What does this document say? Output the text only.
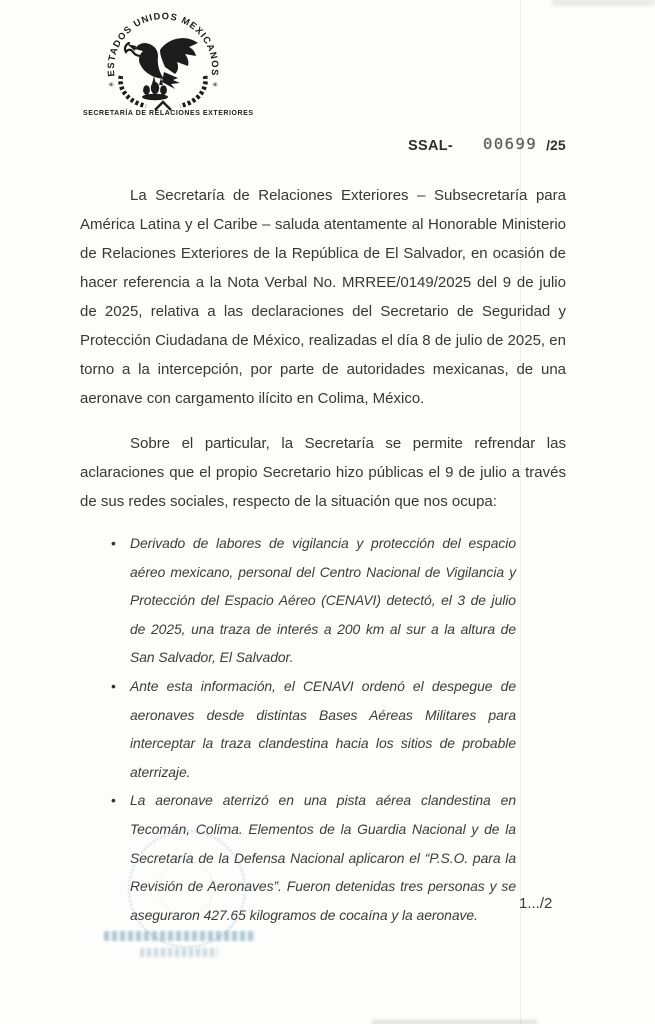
ESTADOS UNIDOS MEXICANOS
✳	✳
SECRETARÍA DE RELACIONES EXTERIORES
SSAL- 00699 /25

La Secretaría de Relaciones Exteriores – Subsecretaría para América Latina y el Caribe – saluda atentamente al Honorable Ministerio de Relaciones Exteriores de la República de El Salvador, en ocasión de hacer referencia a la Nota Verbal No. MRREE/0149/2025 del 9 de julio de 2025, relativa a las declaraciones del Secretario de Seguridad y Protección Ciudadana de México, realizadas el día 8 de julio de 2025, en torno a la intercepción, por parte de autoridades mexicanas, de una aeronave con cargamento ilícito en Colima, México.

Sobre el particular, la Secretaría se permite refrendar las aclaraciones que el propio Secretario hizo públicas el 9 de julio a través de sus redes sociales, respecto de la situación que nos ocupa:

• Derivado de labores de vigilancia y protección del espacio aéreo mexicano, personal del Centro Nacional de Vigilancia y Protección del Espacio Aéreo (CENAVI) detectó, el 3 de julio de 2025, una traza de interés a 200 km al sur a la altura de San Salvador, El Salvador.
• Ante esta información, el CENAVI ordenó el despegue de aeronaves desde distintas Bases Aéreas Militares para interceptar la traza clandestina hacia los sitios de probable aterrizaje.
• La aeronave aterrizó en una pista aérea clandestina en Tecomán, Colima. Elementos de la Guardia Nacional y de la Secretaría de la Defensa Nacional aplicaron el “P.S.O. para la Revisión de Aeronaves”. Fueron detenidas tres personas y se aseguraron 427.65 kilogramos de cocaína y la aeronave.
1.../2
